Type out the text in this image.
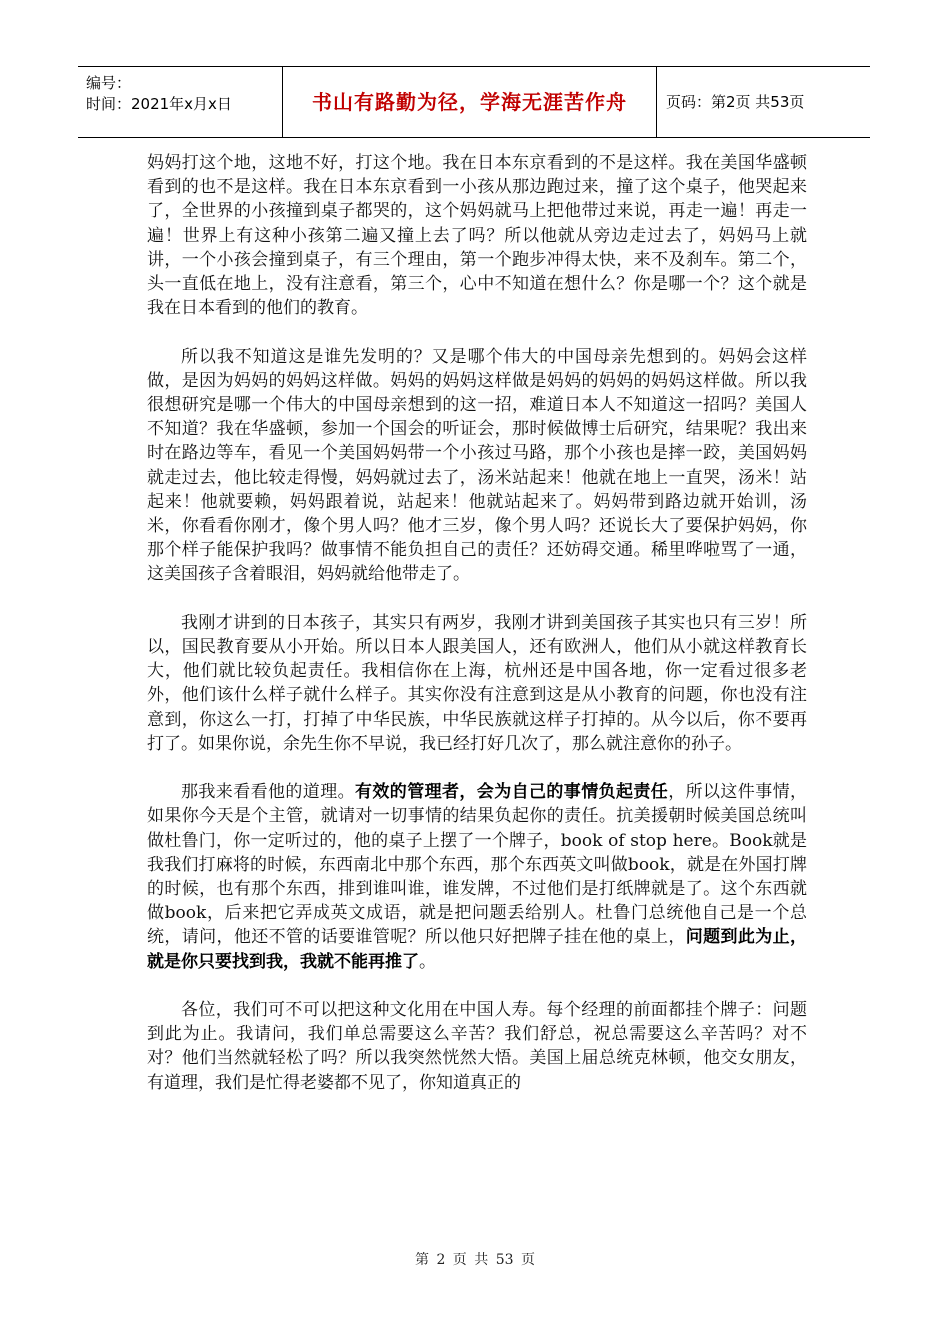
编号：
时间：2021年x月x日	书山有路勤为径，学海无涯苦作舟	页码：第2页 共53页

妈妈打这个地，这地不好，打这个地。我在日本东京看到的不是这样。我在美国华盛顿看到的也不是这样。我在日本东京看到一小孩从那边跑过来，撞了这个桌子，他哭起来了，全世界的小孩撞到桌子都哭的，这个妈妈就马上把他带过来说，再走一遍！再走一遍！世界上有这种小孩第二遍又撞上去了吗？所以他就从旁边走过去了，妈妈马上就讲，一个小孩会撞到桌子，有三个理由，第一个跑步冲得太快，来不及刹车。第二个，头一直低在地上，没有注意看，第三个，心中不知道在想什么？你是哪一个？这个就是我在日本看到的他们的教育。

所以我不知道这是谁先发明的？又是哪个伟大的中国母亲先想到的。妈妈会这样做，是因为妈妈的妈妈这样做。妈妈的妈妈这样做是妈妈的妈妈的妈妈这样做。所以我很想研究是哪一个伟大的中国母亲想到的这一招，难道日本人不知道这一招吗？美国人不知道？我在华盛顿，参加一个国会的听证会，那时候做博士后研究，结果呢？我出来时在路边等车，看见一个美国妈妈带一个小孩过马路，那个小孩也是摔一跤，美国妈妈就走过去，他比较走得慢，妈妈就过去了，汤米站起来！他就在地上一直哭，汤米！站起来！他就要赖，妈妈跟着说，站起来！他就站起来了。妈妈带到路边就开始训，汤米，你看看你刚才，像个男人吗？他才三岁，像个男人吗？还说长大了要保护妈妈，你那个样子能保护我吗？做事情不能负担自己的责任？还妨碍交通。稀里哗啦骂了一通，这美国孩子含着眼泪，妈妈就给他带走了。

我刚才讲到的日本孩子，其实只有两岁，我刚才讲到美国孩子其实也只有三岁！所以，国民教育要从小开始。所以日本人跟美国人，还有欧洲人，他们从小就这样教育长大，他们就比较负起责任。我相信你在上海，杭州还是中国各地，你一定看过很多老外，他们该什么样子就什么样子。其实你没有注意到这是从小教育的问题，你也没有注意到，你这么一打，打掉了中华民族，中华民族就这样子打掉的。从今以后，你不要再打了。如果你说，余先生你不早说，我已经打好几次了，那么就注意你的孙子。

那我来看看他的道理。有效的管理者，会为自己的事情负起责任，所以这件事情，如果你今天是个主管，就请对一切事情的结果负起你的责任。抗美援朝时候美国总统叫做杜鲁门，你一定听过的，他的桌子上摆了一个牌子，book of stop here。Book就是我我们打麻将的时候，东西南北中那个东西，那个东西英文叫做book，就是在外国打牌的时候，也有那个东西，排到谁叫谁，谁发牌，不过他们是打纸牌就是了。这个东西就做book，后来把它弄成英文成语，就是把问题丢给别人。杜鲁门总统他自己是一个总统，请问，他还不管的话要谁管呢？所以他只好把牌子挂在他的桌上，问题到此为止，就是你只要找到我，我就不能再推了。

各位，我们可不可以把这种文化用在中国人寿。每个经理的前面都挂个牌子：问题到此为止。我请问，我们单总需要这么辛苦？我们舒总，祝总需要这么辛苦吗？对不对？他们当然就轻松了吗？所以我突然恍然大悟。美国上届总统克林顿，他交女朋友，有道理，我们是忙得老婆都不见了，你知道真正的

第 2 页 共 53 页
